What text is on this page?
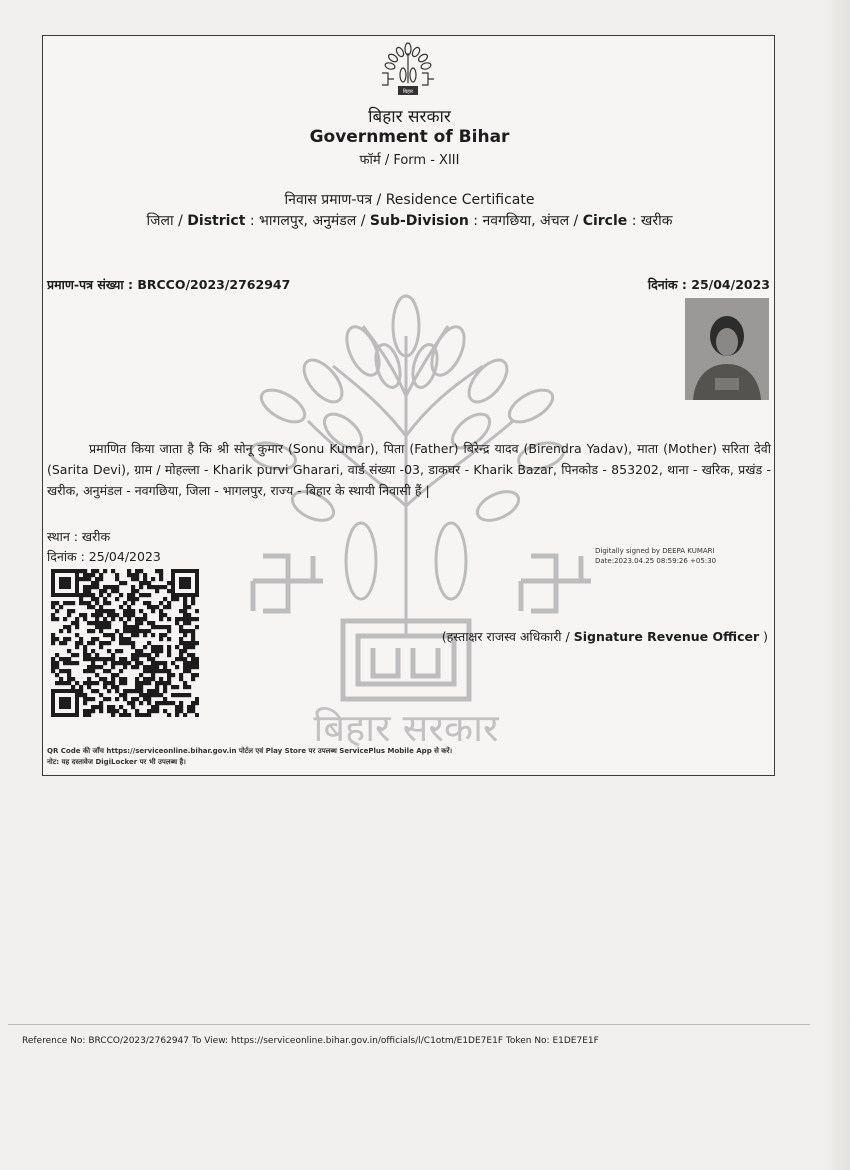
बिहार सरकार
बिहार
बिहार सरकार
Government of Bihar
फॉर्म / Form - XIII
निवास प्रमाण-पत्र / Residence Certificate
जिला / District : भागलपुर, अनुमंडल / Sub-Division : नवगछिया, अंचल / Circle : खरीक
प्रमाण-पत्र संख्या : BRCCO/2023/2762947	दिनांक : 25/04/2023
प्रमाणित किया जाता है कि श्री सोनू कुमार (Sonu Kumar), पिता (Father) बिरेन्द्र यादव (Birendra Yadav), माता (Mother) सरिता देवी (Sarita Devi), ग्राम / मोहल्ला - Kharik purvi Gharari, वार्ड संख्या -03, डाकघर - Kharik Bazar, पिनकोड - 853202, थाना - खरिक, प्रखंड - खरीक, अनुमंडल - नवगछिया, जिला - भागलपुर, राज्य - बिहार के स्थायी निवासी हैं |
स्थान : खरीक
दिनांक : 25/04/2023	Digitally signed by DEEPA KUMARI
Date:2023.04.25 08:59:26 +05:30
(हस्ताक्षर राजस्व अधिकारी / Signature Revenue Officer )
QR Code की जाँच https://serviceonline.bihar.gov.in पोर्टल एवं Play Store पर उपलब्ध ServicePlus Mobile App से करें।
नोट: यह दस्तावेज DigiLocker पर भी उपलब्ध है।
Reference No: BRCCO/2023/2762947 To View: https://serviceonline.bihar.gov.in/officials/l/C1otm/E1DE7E1F Token No: E1DE7E1F
